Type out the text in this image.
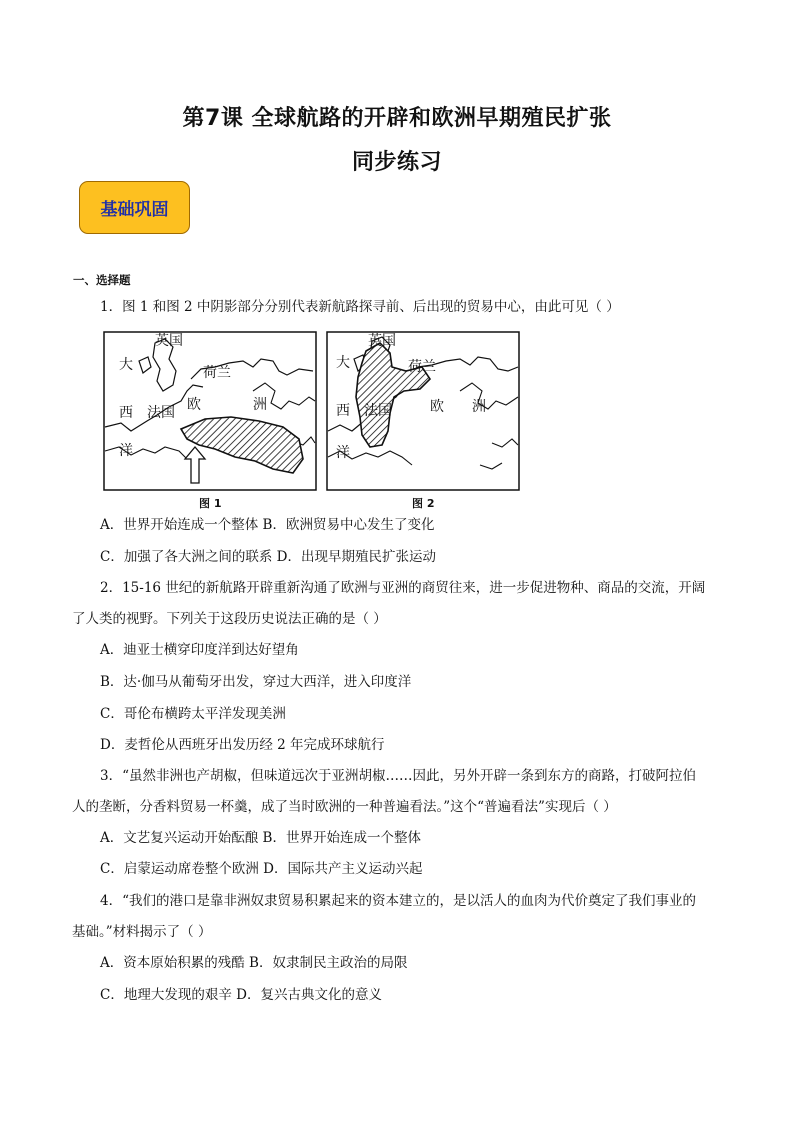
第7课 全球航路的开辟和欧洲早期殖民扩张
同步练习
基础巩固
一、选择题
1．图 1 和图 2 中阴影部分分别代表新航路探寻前、后出现的贸易中心，由此可见（ ）
英国
荷兰
大
西 法国 欧	洲
洋
图 1
英国
荷兰
大
西 法国	欧 洲
洋
图 2
A．世界开始连成一个整体 B．欧洲贸易中心发生了变化
C．加强了各大洲之间的联系 D．出现早期殖民扩张运动
2．15-16 世纪的新航路开辟重新沟通了欧洲与亚洲的商贸往来，进一步促进物种、商品的交流，开阔
了人类的视野。下列关于这段历史说法正确的是（ ）
A．迪亚士横穿印度洋到达好望角
B．达·伽马从葡萄牙出发，穿过大西洋，进入印度洋
C．哥伦布横跨太平洋发现美洲
D．麦哲伦从西班牙出发历经 2 年完成环球航行
3．“虽然非洲也产胡椒，但味道远次于亚洲胡椒……因此，另外开辟一条到东方的商路，打破阿拉伯
人的垄断，分香料贸易一杯羹，成了当时欧洲的一种普遍看法。”这个“普遍看法”实现后（ ）
A．文艺复兴运动开始酝酿 B．世界开始连成一个整体
C．启蒙运动席卷整个欧洲 D．国际共产主义运动兴起
4．“我们的港口是靠非洲奴隶贸易积累起来的资本建立的，是以活人的血肉为代价奠定了我们事业的
基础。”材料揭示了（ ）
A．资本原始积累的残酷 B．奴隶制民主政治的局限
C．地理大发现的艰辛 D．复兴古典文化的意义
